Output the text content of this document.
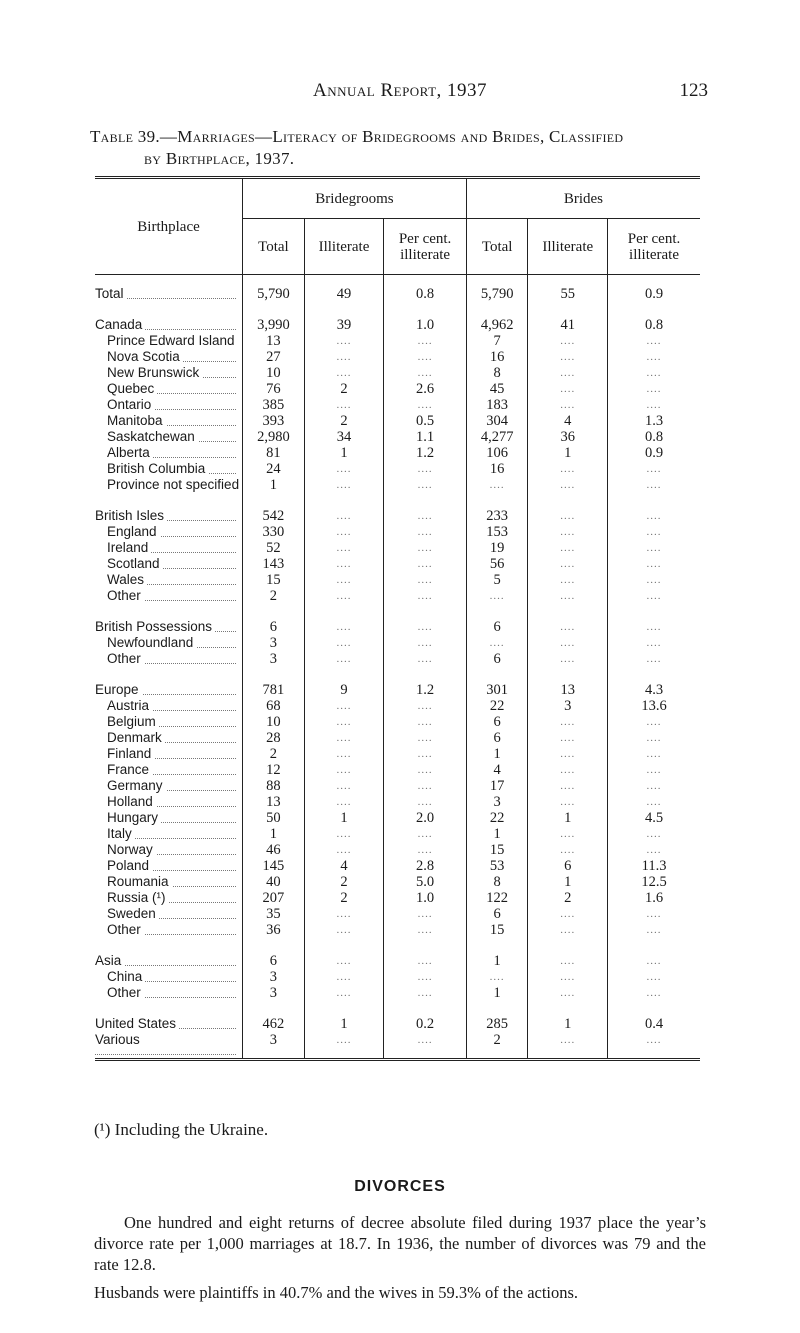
Annual Report, 1937	123
Table 39.—Marriages—Literacy of Bridegrooms and Brides, Classified
by Birthplace, 1937.
Birthplace	Bridegrooms			Brides		
	Total	Illiterate	Per cent.
illiterate	Total	Illiterate	Per cent.
illiterate
Total	5,790	49	0.8	5,790	55	0.9

Canada	3,990	39	1.0	4,962	41	0.8
Prince Edward Island	13	....	....	7	....	....
Nova Scotia	27	....	....	16	....	....
New Brunswick	10	....	....	8	....	....
Quebec	76	2	2.6	45	....	....
Ontario	385	....	....	183	....	....
Manitoba	393	2	0.5	304	4	1.3
Saskatchewan	2,980	34	1.1	4,277	36	0.8
Alberta	81	1	1.2	106	1	0.9
British Columbia	24	....	....	16	....	....
Province not specified	1	....	....	....	....	....

British Isles	542	....	....	233	....	....
England	330	....	....	153	....	....
Ireland	52	....	....	19	....	....
Scotland	143	....	....	56	....	....
Wales	15	....	....	5	....	....
Other	2	....	....	....	....	....

British Possessions	6	....	....	6	....	....
Newfoundland	3	....	....	....	....	....
Other	3	....	....	6	....	....

Europe	781	9	1.2	301	13	4.3
Austria	68	....	....	22	3	13.6
Belgium	10	....	....	6	....	....
Denmark	28	....	....	6	....	....
Finland	2	....	....	1	....	....
France	12	....	....	4	....	....
Germany	88	....	....	17	....	....
Holland	13	....	....	3	....	....
Hungary	50	1	2.0	22	1	4.5
Italy	1	....	....	1	....	....
Norway	46	....	....	15	....	....
Poland	145	4	2.8	53	6	11.3
Roumania	40	2	5.0	8	1	12.5
Russia (¹)	207	2	1.0	122	2	1.6
Sweden	35	....	....	6	....	....
Other	36	....	....	15	....	....

Asia	6	....	....	1	....	....
China	3	....	....	....	....	....
Other	3	....	....	1	....	....

United States	462	1	0.2	285	1	0.4
Various	3	....	....	2	....	....
(¹) Including the Ukraine.
DIVORCES
One hundred and eight returns of decree absolute filed during 1937 place the year’s divorce rate per 1,000 marriages at 18.7. In 1936, the number of divorces was 79 and the rate 12.8.
Husbands were plaintiffs in 40.7% and the wives in 59.3% of the actions.
